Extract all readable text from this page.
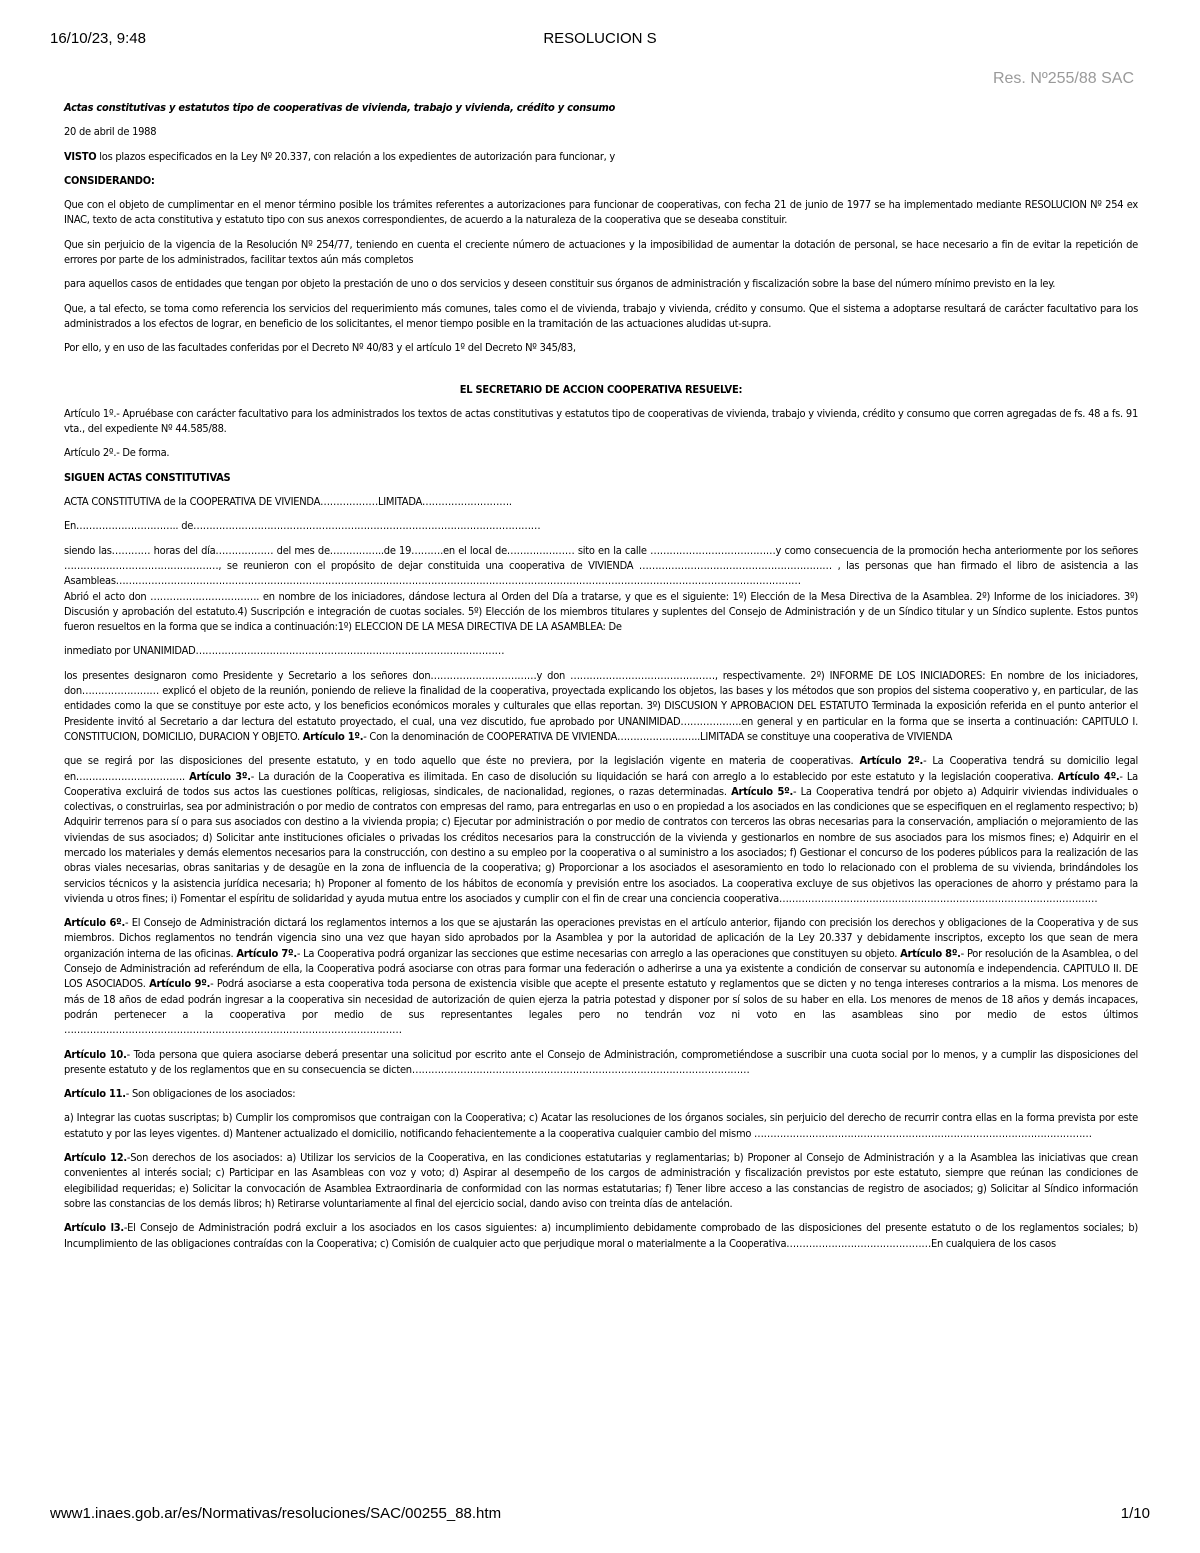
16/10/23, 9:48	RESOLUCION S
Res. Nº255/88 SAC

Actas constitutivas y estatutos tipo de cooperativas de vivienda, trabajo y vivienda, crédito y consumo

20 de abril de 1988

VISTO los plazos especificados en la Ley Nº 20.337, con relación a los expedientes de autorización para funcionar, y

CONSIDERANDO:

Que con el objeto de cumplimentar en el menor término posible los trámites referentes a autorizaciones para funcionar de cooperativas, con fecha 21 de junio de 1977 se ha implementado mediante RESOLUCION Nº 254 ex INAC, texto de acta constitutiva y estatuto tipo con sus anexos correspondientes, de acuerdo a la naturaleza de la cooperativa que se deseaba constituir.

Que sin perjuicio de la vigencia de la Resolución Nº 254/77, teniendo en cuenta el creciente número de actuaciones y la imposibilidad de aumentar la dotación de personal, se hace necesario a fin de evitar la repetición de errores por parte de los administrados, facilitar textos aún más completos

para aquellos casos de entidades que tengan por objeto la prestación de uno o dos servicios y deseen constituir sus órganos de administración y fiscalización sobre la base del número mínimo previsto en la ley.

Que, a tal efecto, se toma como referencia los servicios del requerimiento más comunes, tales como el de vivienda, trabajo y vivienda, crédito y consumo. Que el sistema a adoptarse resultará de carácter facultativo para los administrados a los efectos de lograr, en beneficio de los solicitantes, el menor tiempo posible en la tramitación de las actuaciones aludidas ut-supra.

Por ello, y en uso de las facultades conferidas por el Decreto Nº 40/83 y el artículo 1º del Decreto Nº 345/83,

EL SECRETARIO DE ACCION COOPERATIVA RESUELVE:

Artículo 1º.- Apruébase con carácter facultativo para los administrados los textos de actas constitutivas y estatutos tipo de cooperativas de vivienda, trabajo y vivienda, crédito y consumo que corren agregadas de fs. 48 a fs. 91 vta., del expediente Nº 44.585/88.

Artículo 2º.- De forma.

SIGUEN ACTAS CONSTITUTIVAS

ACTA CONSTITUTIVA de la COOPERATIVA DE VIVIENDA………………LIMITADA……………………….

En………………………….. de………………………………………………………………………………………………

siendo las………… horas del día……………… del mes de……………..de 19……….en el local de………………… sito en la calle …………………………………y como consecuencia de la promoción hecha anteriormente por los señores …………………………………………, se reunieron con el propósito de dejar constituida una cooperativa de VIVIENDA …………………………………………………… , las personas que han firmado el libro de asistencia a las Asambleas……………………………………………………………………………………………………………………………………………………………………………………………

Abrió el acto don ……………………………. en nombre de los iniciadores, dándose lectura al Orden del Día a tratarse, y que es el siguiente: 1º) Elección de la Mesa Directiva de la Asamblea. 2º) Informe de los iniciadores. 3º) Discusión y aprobación del estatuto.4) Suscripción e integración de cuotas sociales. 5º) Elección de los miembros titulares y suplentes del Consejo de Administración y de un Síndico titular y un Síndico suplente. Estos puntos fueron resueltos en la forma que se indica a continuación:1º) ELECCION DE LA MESA DIRECTIVA DE LA ASAMBLEA: De

inmediato por UNANIMIDAD……………………………………………………………………………………

los presentes designaron como Presidente y Secretario a los señores don……………………………y don ………………………………………, respectivamente. 2º) INFORME DE LOS INICIADORES: En nombre de los iniciadores, don…………………… explicó el objeto de la reunión, poniendo de relieve la finalidad de la cooperativa, proyectada explicando los objetos, las bases y los métodos que son propios del sistema cooperativo y, en particular, de las entidades como la que se constituye por este acto, y los beneficios económicos morales y culturales que ellas reportan. 3º) DISCUSION Y APROBACION DEL ESTATUTO Terminada la exposición referida en el punto anterior el Presidente invitó al Secretario a dar lectura del estatuto proyectado, el cual, una vez discutido, fue aprobado por UNANIMIDAD……………….en general y en particular en la forma que se inserta a continuación: CAPITULO I. CONSTITUCION, DOMICILIO, DURACION Y OBJETO. Artículo 1º.- Con la denominación de COOPERATIVA DE VIVIENDA……………………..LIMITADA se constituye una cooperativa de VIVIENDA

que se regirá por las disposiciones del presente estatuto, y en todo aquello que éste no previera, por la legislación vigente en materia de cooperativas. Artículo 2º.- La Cooperativa tendrá su domicilio legal en……………………………. Artículo 3º.- La duración de la Cooperativa es ilimitada. En caso de disolución su liquidación se hará con arreglo a lo establecido por este estatuto y la legislación cooperativa. Artículo 4º.- La Cooperativa excluirá de todos sus actos las cuestiones políticas, religiosas, sindicales, de nacionalidad, regiones, o razas determinadas. Artículo 5º.- La Cooperativa tendrá por objeto a) Adquirir viviendas individuales o colectivas, o construirlas, sea por administración o por medio de contratos con empresas del ramo, para entregarlas en uso o en propiedad a los asociados en las condiciones que se especifiquen en el reglamento respectivo; b) Adquirir terrenos para sí o para sus asociados con destino a la vivienda propia; c) Ejecutar por administración o por medio de contratos con terceros las obras necesarias para la conservación, ampliación o mejoramiento de las viviendas de sus asociados; d) Solicitar ante instituciones oficiales o privadas los créditos necesarios para la construcción de la vivienda y gestionarlos en nombre de sus asociados para los mismos fines; e) Adquirir en el mercado los materiales y demás elementos necesarios para la construcción, con destino a su empleo por la cooperativa o al suministro a los asociados; f) Gestionar el concurso de los poderes públicos para la realización de las obras viales necesarias, obras sanitarias y de desagüe en la zona de influencia de la cooperativa; g) Proporcionar a los asociados el asesoramiento en todo lo relacionado con el problema de su vivienda, brindándoles los servicios técnicos y la asistencia jurídica necesaria; h) Proponer al fomento de los hábitos de economía y previsión entre los asociados. La cooperativa excluye de sus objetivos las operaciones de ahorro y préstamo para la vivienda u otros fines; i) Fomentar el espíritu de solidaridad y ayuda mutua entre los asociados y cumplir con el fin de crear una conciencia cooperativa………………………………………………………………………………………

Artículo 6º.- El Consejo de Administración dictará los reglamentos internos a los que se ajustarán las operaciones previstas en el artículo anterior, fijando con precisión los derechos y obligaciones de la Cooperativa y de sus miembros. Dichos reglamentos no tendrán vigencia sino una vez que hayan sido aprobados por la Asamblea y por la autoridad de aplicación de la Ley 20.337 y debidamente inscriptos, excepto los que sean de mera organización interna de las oficinas. Artículo 7º.- La Cooperativa podrá organizar las secciones que estime necesarias con arreglo a las operaciones que constituyen su objeto. Artículo 8º.- Por resolución de la Asamblea, o del Consejo de Administración ad referéndum de ella, la Cooperativa podrá asociarse con otras para formar una federación o adherirse a una ya existente a condición de conservar su autonomía e independencia. CAPITULO II. DE LOS ASOCIADOS. Artículo 9º.- Podrá asociarse a esta cooperativa toda persona de existencia visible que acepte el presente estatuto y reglamentos que se dicten y no tenga intereses contrarios a la misma. Los menores de más de 18 años de edad podrán ingresar a la cooperativa sin necesidad de autorización de quien ejerza la patria potestad y disponer por sí solos de su haber en ella. Los menores de menos de 18 años y demás incapaces, podrán pertenecer a la cooperativa por medio de sus representantes legales pero no tendrán voz ni voto en las asambleas sino por medio de estos últimos ……………………………………………………………………………………………

Artículo 10.- Toda persona que quiera asociarse deberá presentar una solicitud por escrito ante el Consejo de Administración, comprometiéndose a suscribir una cuota social por lo menos, y a cumplir las disposiciones del presente estatuto y de los reglamentos que en su consecuencia se dicten……………………………………………………………………………………………

Artículo 11.- Son obligaciones de los asociados:

a) Integrar las cuotas suscriptas; b) Cumplir los compromisos que contraigan con la Cooperativa; c) Acatar las resoluciones de los órganos sociales, sin perjuicio del derecho de recurrir contra ellas en la forma prevista por este estatuto y por las leyes vigentes. d) Mantener actualizado el domicilio, notificando fehacientemente a la cooperativa cualquier cambio del mismo ……………………………………………………………………………………………

Artículo 12.-Son derechos de los asociados: a) Utilizar los servicios de la Cooperativa, en las condiciones estatutarias y reglamentarias; b) Proponer al Consejo de Administración y a la Asamblea las iniciativas que crean convenientes al interés social; c) Participar en las Asambleas con voz y voto; d) Aspirar al desempeño de los cargos de administración y fiscalización previstos por este estatuto, siempre que reúnan las condiciones de elegibilidad requeridas; e) Solicitar la convocación de Asamblea Extraordinaria de conformidad con las normas estatutarias; f) Tener libre acceso a las constancias de registro de asociados; g) Solicitar al Síndico información sobre las constancias de los demás libros; h) Retirarse voluntariamente al final del ejercicio social, dando aviso con treinta días de antelación.

Artículo l3.-El Consejo de Administración podrá excluir a los asociados en los casos siguientes: a) incumplimiento debidamente comprobado de las disposiciones del presente estatuto o de los reglamentos sociales; b) Incumplimiento de las obligaciones contraídas con la Cooperativa; c) Comisión de cualquier acto que perjudique moral o materialmente a la Cooperativa………………………………………En cualquiera de los casos

www1.inaes.gob.ar/es/Normativas/resoluciones/SAC/00255_88.htm	1/10
